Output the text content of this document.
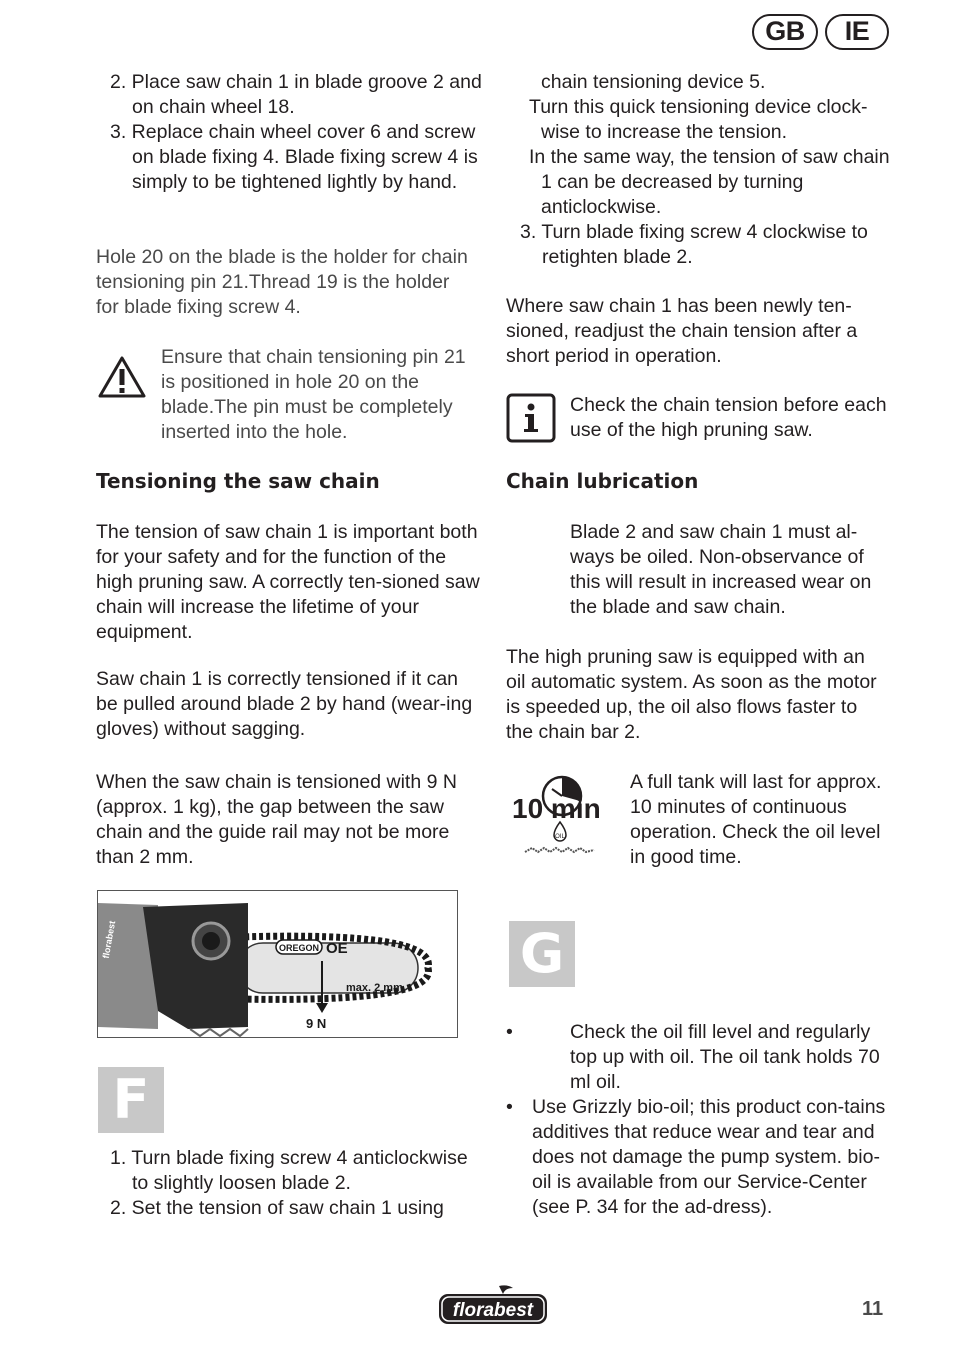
GB	IE
2. Place saw chain 1 in blade groove 2 and on chain wheel 18.
3. Replace chain wheel cover 6 and screw on blade fixing 4. Blade fixing screw 4 is simply to be tightened lightly by hand.
Hole 20 on the blade is the holder for chain tensioning pin 21.Thread 19 is the holder for blade fixing screw 4.
Ensure that chain tensioning pin 21 is positioned in hole 20 on the blade.The pin must be completely inserted into the hole.
Tensioning the saw chain
The tension of saw chain 1 is important both for your safety and for the function of the high pruning saw. A correctly ten-sioned saw chain will increase the lifetime of your equipment.
Saw chain 1 is correctly tensioned if it can be pulled around blade 2 by hand (wear-ing gloves) without sagging.
When the saw chain is tensioned with 9 N (approx. 1 kg), the gap between the saw chain and the guide rail may not be more than 2 mm.
florabest	OREGON OE
max. 2 mm
9 N
F
1. Turn blade fixing screw 4 anticlockwise to slightly loosen blade 2.
2. Set the tension of saw chain 1 using
chain tensioning device 5.
Turn this quick tensioning device clock-wise to increase the tension.
In the same way, the tension of saw chain 1 can be decreased by turning anticlockwise.
3. Turn blade fixing screw 4 clockwise to retighten blade 2.
Where saw chain 1 has been newly ten-sioned, readjust the chain tension after a short period in operation.
Check the chain tension before each use of the high pruning saw.
Chain lubrication
Blade 2 and saw chain 1 must al-ways be oiled. Non-observance of this will result in increased wear on the blade and saw chain.
The high pruning saw is equipped with an oil automatic system. As soon as the motor is speeded up, the oil also flows faster to the chain bar 2.
10 min
OIL
A full tank will last for approx. 10 minutes of continuous operation. Check the oil level in good time.
G
•	Check the oil fill level and regularly top up with oil. The oil tank holds 70 ml oil.
• Use Grizzly bio-oil; this product con-tains additives that reduce wear and tear and does not damage the pump system. bio-oil is available from our Service-Center (see P. 34 for the ad-dress).
florabest	11
